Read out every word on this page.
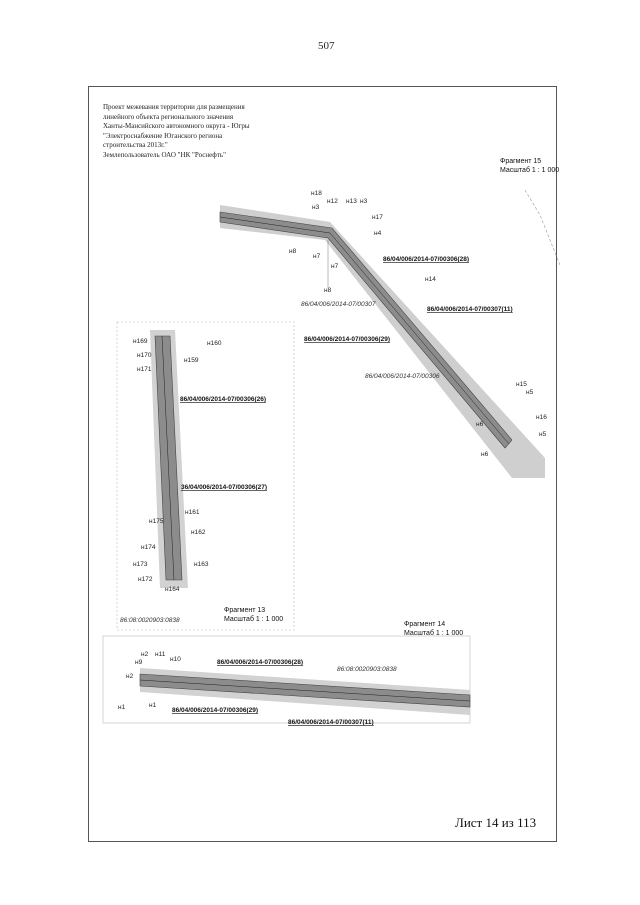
507
Проект межевания территории для размещения
линейного объекта регионального значения
Ханты-Мансийского автономного округа - Югры
"Электроснабжение Юганского региона
строительства 2013г."
Землепользователь ОАО "НК "Роснефть"
Фрагмент 15
Масштаб 1 : 1 000
Фрагмент 13
Масштаб 1 : 1 000
Фрагмент 14
Масштаб 1 : 1 000
н18
н12
н3
н13 н3
н17
н4
н8
н7
н7
н8
н14
н15
н5
н16
н5
н6
н6
86/04/006/2014-07/00306(28)
86/04/006/2014-07/00307(11)
86/04/006/2014-07/00306(29)
86/04/006/2014-07/00307
86/04/006/2014-07/00306
н169	н160
н170
н159
н171
н161
н175
н162
н174
н173	н163
н172
н164
86/04/006/2014-07/00306(26)
36/04/006/2014-07/00306(27)
86:08:0020903:0838
н2 н11
н9	н10
н2
н1	н1
86/04/006/2014-07/00306(28)
86/04/006/2014-07/00306(29)
86/04/006/2014-07/00307(11)
86:08:0020903:0838
Лист 14 из 113
